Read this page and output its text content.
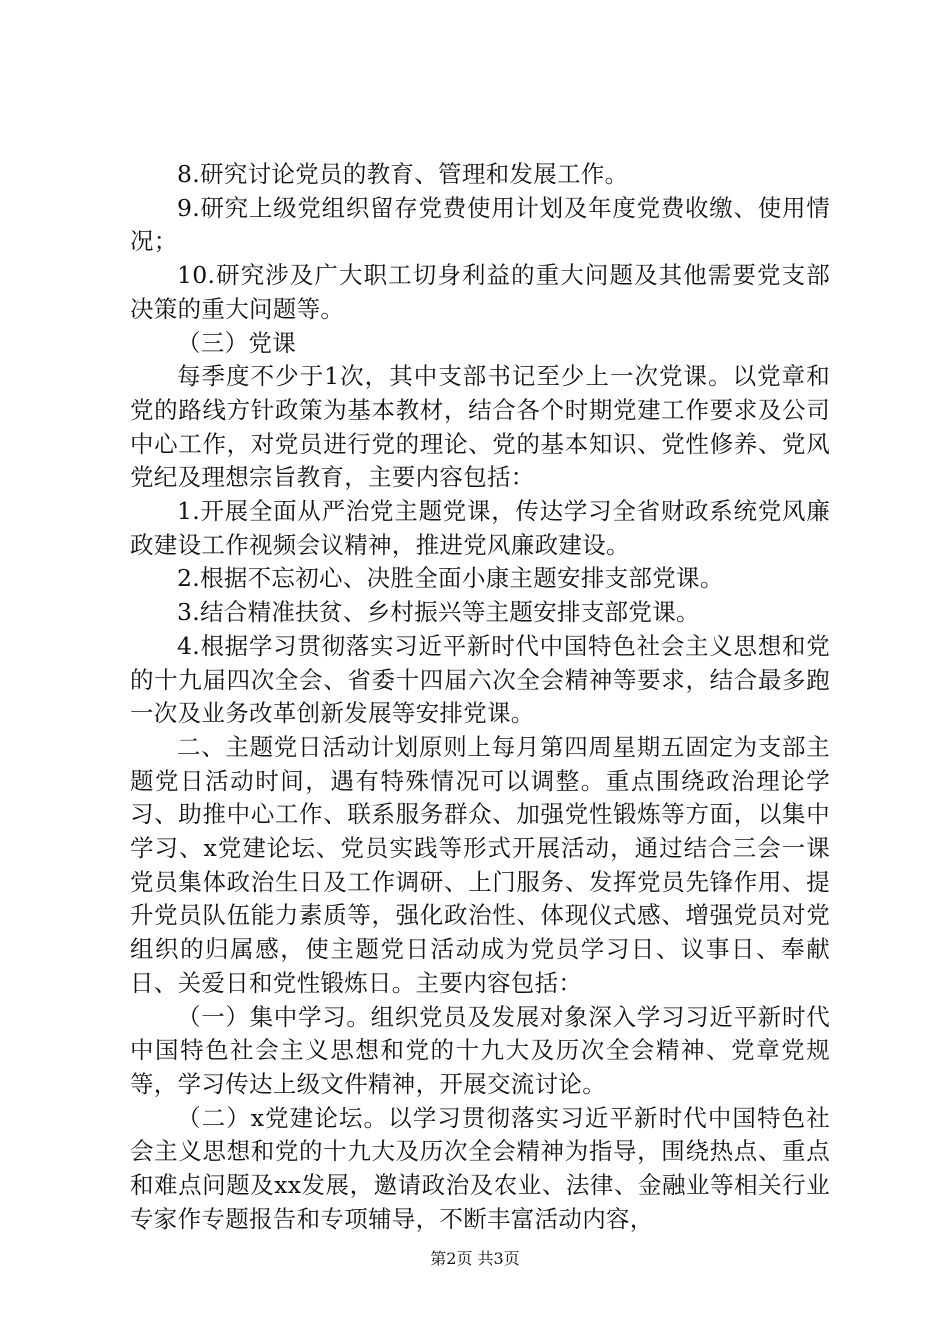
8.研究讨论党员的教育、管理和发展工作。

9.研究上级党组织留存党费使用计划及年度党费收缴、使用情况；

10.研究涉及广大职工切身利益的重大问题及其他需要党支部决策的重大问题等。

（三）党课

每季度不少于1次，其中支部书记至少上一次党课。以党章和党的路线方针政策为基本教材，结合各个时期党建工作要求及公司中心工作，对党员进行党的理论、党的基本知识、党性修养、党风党纪及理想宗旨教育，主要内容包括：

1.开展全面从严治党主题党课，传达学习全省财政系统党风廉政建设工作视频会议精神，推进党风廉政建设。

2.根据不忘初心、决胜全面小康主题安排支部党课。

3.结合精准扶贫、乡村振兴等主题安排支部党课。

4.根据学习贯彻落实习近平新时代中国特色社会主义思想和党的十九届四次全会、省委十四届六次全会精神等要求，结合最多跑一次及业务改革创新发展等安排党课。

二、主题党日活动计划原则上每月第四周星期五固定为支部主题党日活动时间，遇有特殊情况可以调整。重点围绕政治理论学习、助推中心工作、联系服务群众、加强党性锻炼等方面，以集中学习、x党建论坛、党员实践等形式开展活动，通过结合三会一课党员集体政治生日及工作调研、上门服务、发挥党员先锋作用、提升党员队伍能力素质等，强化政治性、体现仪式感、增强党员对党组织的归属感，使主题党日活动成为党员学习日、议事日、奉献日、关爱日和党性锻炼日。主要内容包括：

（一）集中学习。组织党员及发展对象深入学习习近平新时代中国特色社会主义思想和党的十九大及历次全会精神、党章党规等，学习传达上级文件精神，开展交流讨论。

（二）x党建论坛。以学习贯彻落实习近平新时代中国特色社会主义思想和党的十九大及历次全会精神为指导，围绕热点、重点和难点问题及xx发展，邀请政治及农业、法律、金融业等相关行业专家作专题报告和专项辅导，不断丰富活动内容，

第2页 共3页
